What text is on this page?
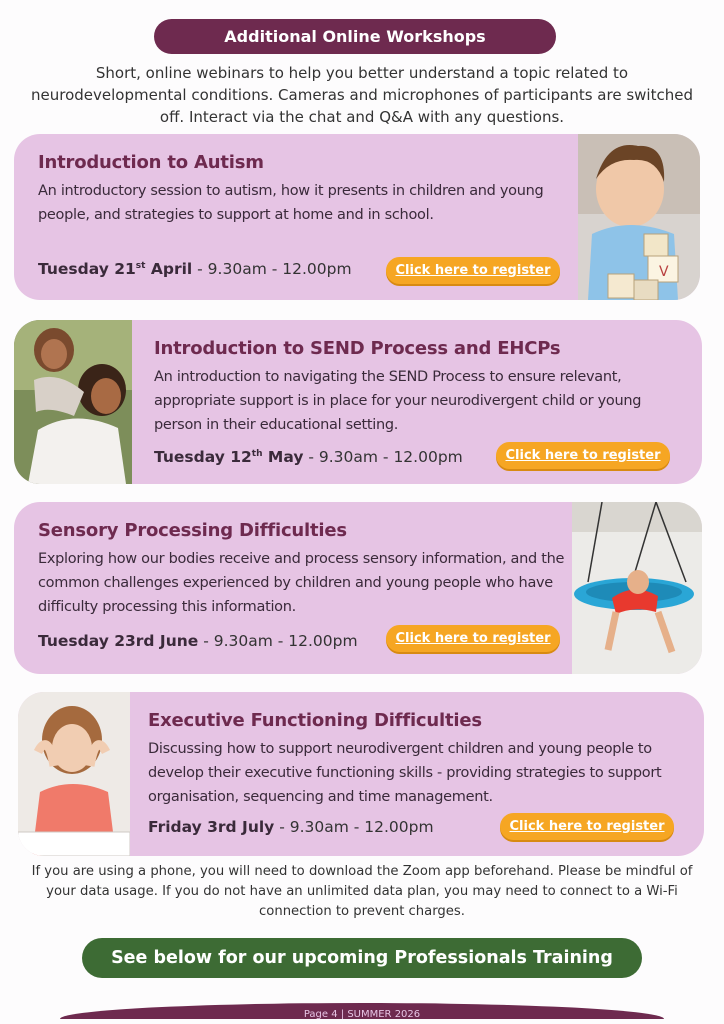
Additional Online Workshops
Short, online webinars to help you better understand a topic related to neurodevelopmental conditions. Cameras and microphones of participants are switched off. Interact via the chat and Q&A with any questions.
Introduction to Autism

An introductory session to autism, how it presents in children and young people, and strategies to support at home and in school.

Tuesday 21st April - 9.30am - 12.00pm	Click here to register	V
Introduction to SEND Process and EHCPs

An introduction to navigating the SEND Process to ensure relevant, appropriate support is in place for your neurodivergent child or young person in their educational setting.

Tuesday 12th May - 9.30am - 12.00pm	Click here to register
Sensory Processing Difficulties

Exploring how our bodies receive and process sensory information, and the common challenges experienced by children and young people who have difficulty processing this information.

Tuesday 23rd June - 9.30am - 12.00pm	Click here to register
Executive Functioning Difficulties

Discussing how to support neurodivergent children and young people to develop their executive functioning skills - providing strategies to support organisation, sequencing and time management.

Friday 3rd July - 9.30am - 12.00pm	Click here to register
If you are using a phone, you will need to download the Zoom app beforehand. Please be mindful of your data usage. If you do not have an unlimited data plan, you may need to connect to a Wi-Fi connection to prevent charges.
See below for our upcoming Professionals Training
Page 4 | SUMMER 2026
